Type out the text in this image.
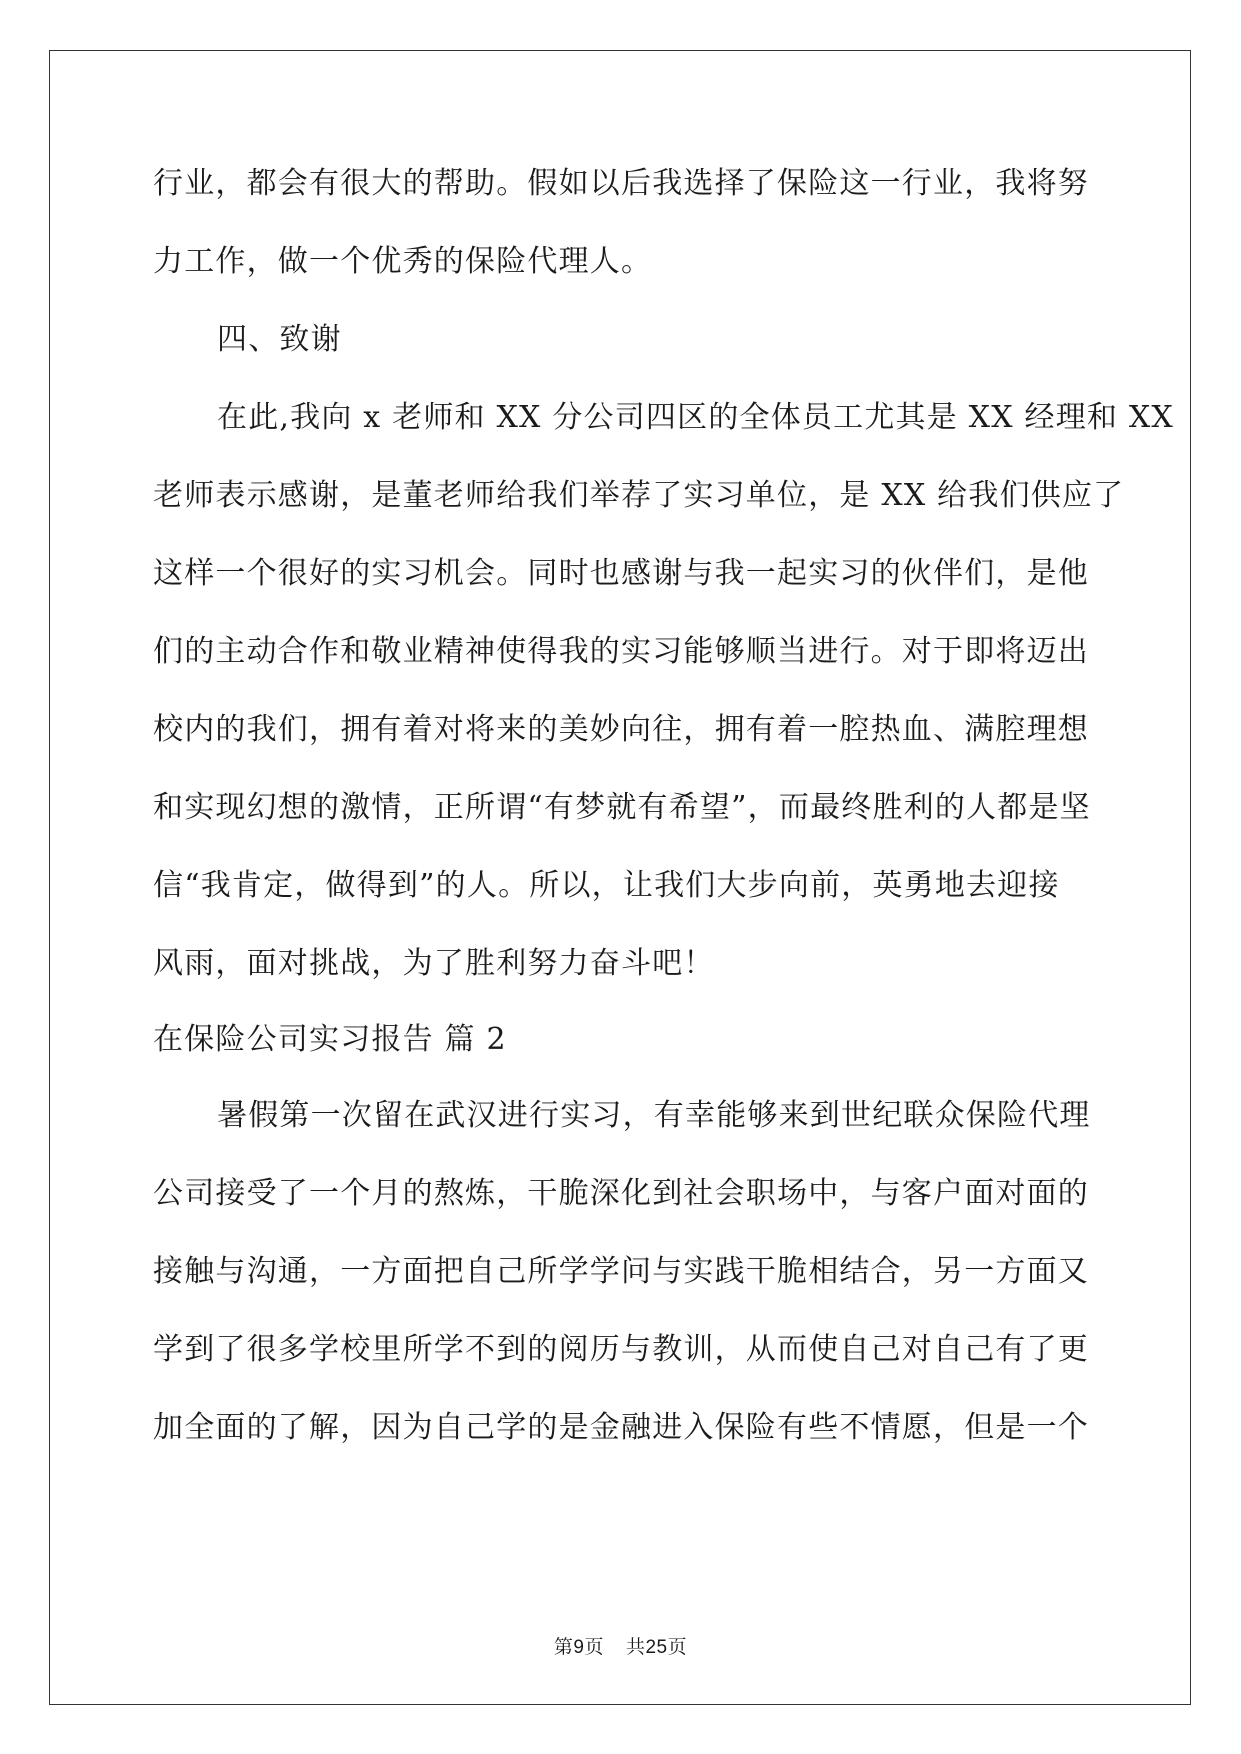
行业，都会有很大的帮助。假如以后我选择了保险这一行业，我将努
力工作，做一个优秀的保险代理人。
四、致谢
在此,我向 x 老师和 XX 分公司四区的全体员工尤其是 XX 经理和 XX
老师表示感谢，是董老师给我们举荐了实习单位，是 XX 给我们供应了
这样一个很好的实习机会。同时也感谢与我一起实习的伙伴们，是他
们的主动合作和敬业精神使得我的实习能够顺当进行。对于即将迈出
校内的我们，拥有着对将来的美妙向往，拥有着一腔热血、满腔理想
和实现幻想的激情，正所谓“有梦就有希望”，而最终胜利的人都是坚
信“我肯定，做得到”的人。所以，让我们大步向前，英勇地去迎接
风雨，面对挑战，为了胜利努力奋斗吧！
在保险公司实习报告 篇 2
暑假第一次留在武汉进行实习，有幸能够来到世纪联众保险代理
公司接受了一个月的熬炼，干脆深化到社会职场中，与客户面对面的
接触与沟通，一方面把自己所学学问与实践干脆相结合，另一方面又
学到了很多学校里所学不到的阅历与教训，从而使自己对自己有了更
加全面的了解，因为自己学的是金融进入保险有些不情愿，但是一个
第9页 共25页
